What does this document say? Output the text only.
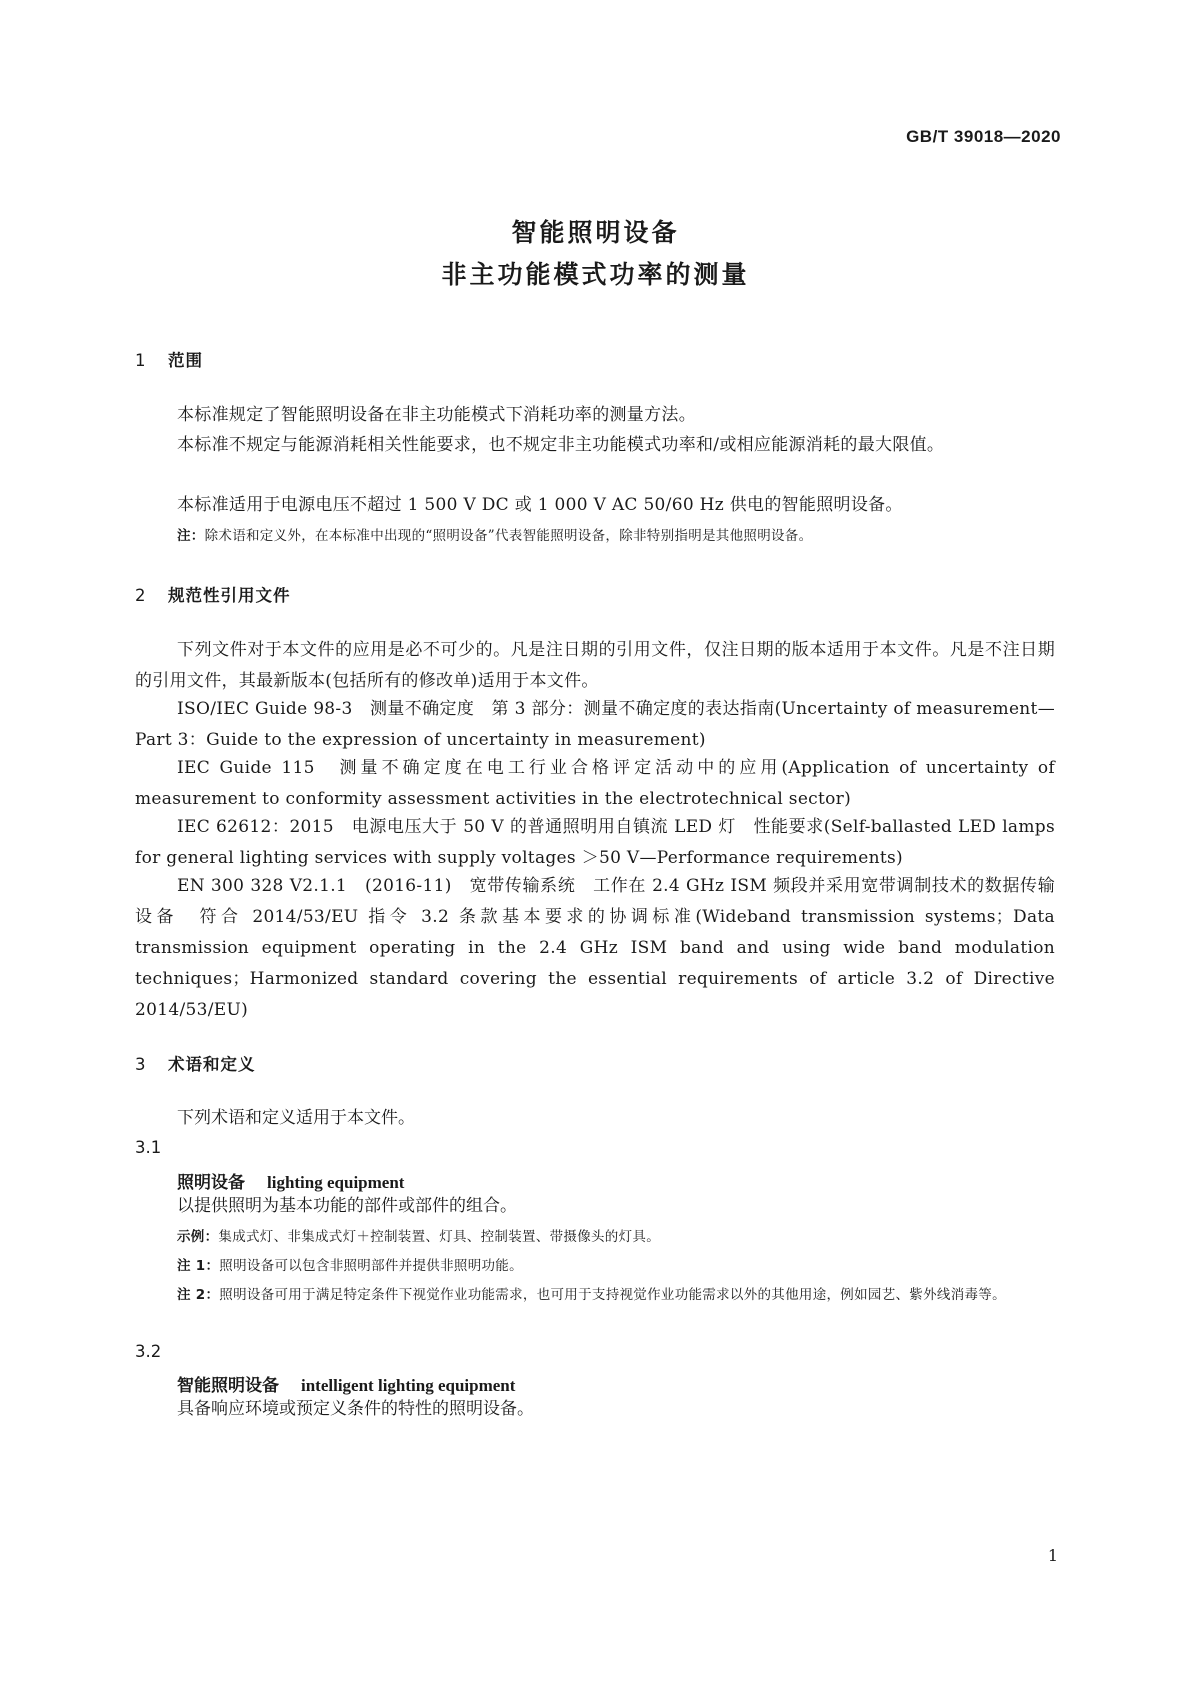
GB/T 39018—2020
智能照明设备
非主功能模式功率的测量
1 范围
本标准规定了智能照明设备在非主功能模式下消耗功率的测量方法。
本标准不规定与能源消耗相关性能要求，也不规定非主功能模式功率和/或相应能源消耗的最大限值。
本标准适用于电源电压不超过 1 500 V DC 或 1 000 V AC 50/60 Hz 供电的智能照明设备。
注：除术语和定义外，在本标准中出现的“照明设备”代表智能照明设备，除非特别指明是其他照明设备。
2 规范性引用文件
下列文件对于本文件的应用是必不可少的。凡是注日期的引用文件，仅注日期的版本适用于本文件。凡是不注日期的引用文件，其最新版本(包括所有的修改单)适用于本文件。
ISO/IEC Guide 98-3　测量不确定度　第 3 部分：测量不确定度的表达指南(Uncertainty of measurement—Part 3：Guide to the expression of uncertainty in measurement)
IEC Guide 115　测量不确定度在电工行业合格评定活动中的应用(Application of uncertainty of measurement to conformity assessment activities in the electrotechnical sector)
IEC 62612：2015　电源电压大于 50 V 的普通照明用自镇流 LED 灯　性能要求(Self-ballasted LED lamps for general lighting services with supply voltages ＞50 V—Performance requirements)
EN 300 328 V2.1.1　(2016-11)　宽带传输系统　工作在 2.4 GHz ISM 频段并采用宽带调制技术的数据传输设备　符合 2014/53/EU 指令 3.2 条款基本要求的协调标准(Wideband transmission systems；Data transmission equipment operating in the 2.4 GHz ISM band and using wide band modulation techniques；Harmonized standard covering the essential requirements of article 3.2 of Directive 2014/53/EU)
3 术语和定义
下列术语和定义适用于本文件。
3.1
照明设备 lighting equipment
以提供照明为基本功能的部件或部件的组合。
示例：集成式灯、非集成式灯＋控制装置、灯具、控制装置、带摄像头的灯具。
注 1：照明设备可以包含非照明部件并提供非照明功能。
注 2：照明设备可用于满足特定条件下视觉作业功能需求，也可用于支持视觉作业功能需求以外的其他用途，例如园艺、紫外线消毒等。
3.2
智能照明设备 intelligent lighting equipment
具备响应环境或预定义条件的特性的照明设备。
1
